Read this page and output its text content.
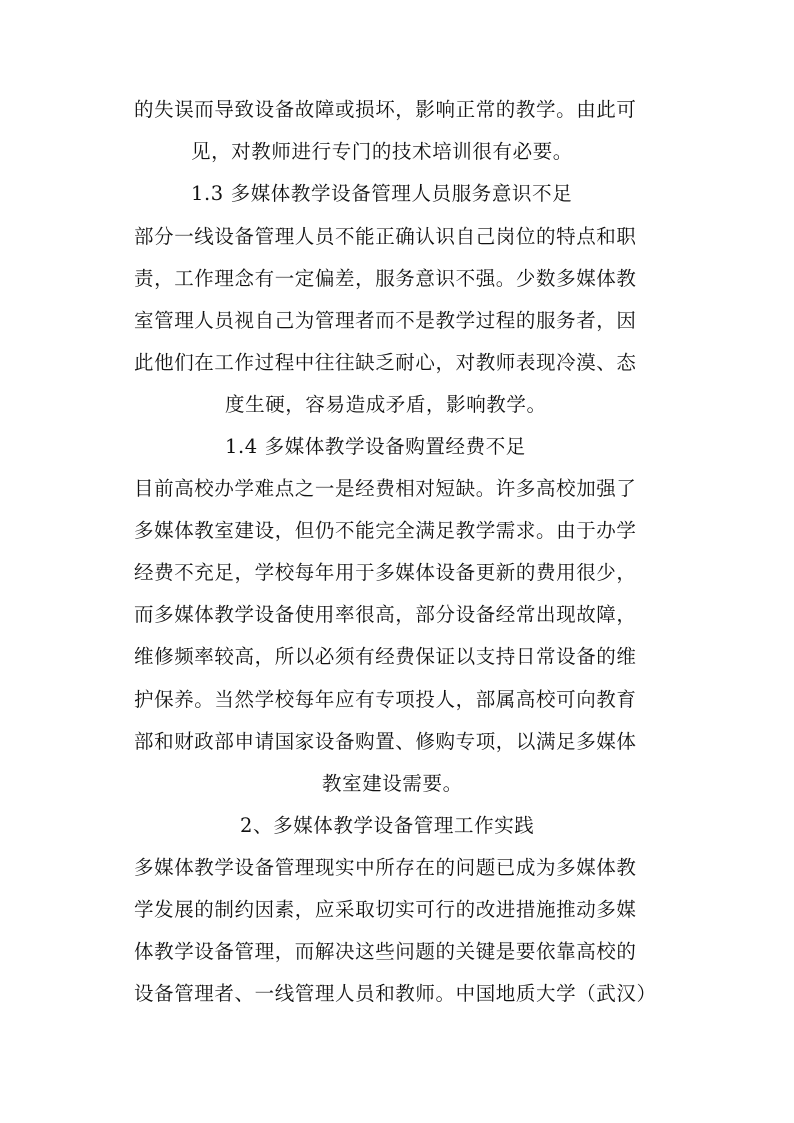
的失误而导致设备故障或损坏，影响正常的教学。由此可
见，对教师进行专门的技术培训很有必要。
1.3 多媒体教学设备管理人员服务意识不足
部分一线设备管理人员不能正确认识自己岗位的特点和职
责，工作理念有一定偏差，服务意识不强。少数多媒体教
室管理人员视自己为管理者而不是教学过程的服务者，因
此他们在工作过程中往往缺乏耐心，对教师表现冷漠、态
度生硬，容易造成矛盾，影响教学。
1.4 多媒体教学设备购置经费不足
目前高校办学难点之一是经费相对短缺。许多高校加强了
多媒体教室建设，但仍不能完全满足教学需求。由于办学
经费不充足，学校每年用于多媒体设备更新的费用很少，
而多媒体教学设备使用率很高，部分设备经常出现故障，
维修频率较高，所以必须有经费保证以支持日常设备的维
护保养。当然学校每年应有专项投人，部属高校可向教育
部和财政部申请国家设备购置、修购专项，以满足多媒体
教室建设需要。
2、多媒体教学设备管理工作实践
多媒体教学设备管理现实中所存在的问题已成为多媒体教
学发展的制约因素，应采取切实可行的改进措施推动多媒
体教学设备管理，而解决这些问题的关键是要依靠高校的
设备管理者、一线管理人员和教师。中国地质大学（武汉）
